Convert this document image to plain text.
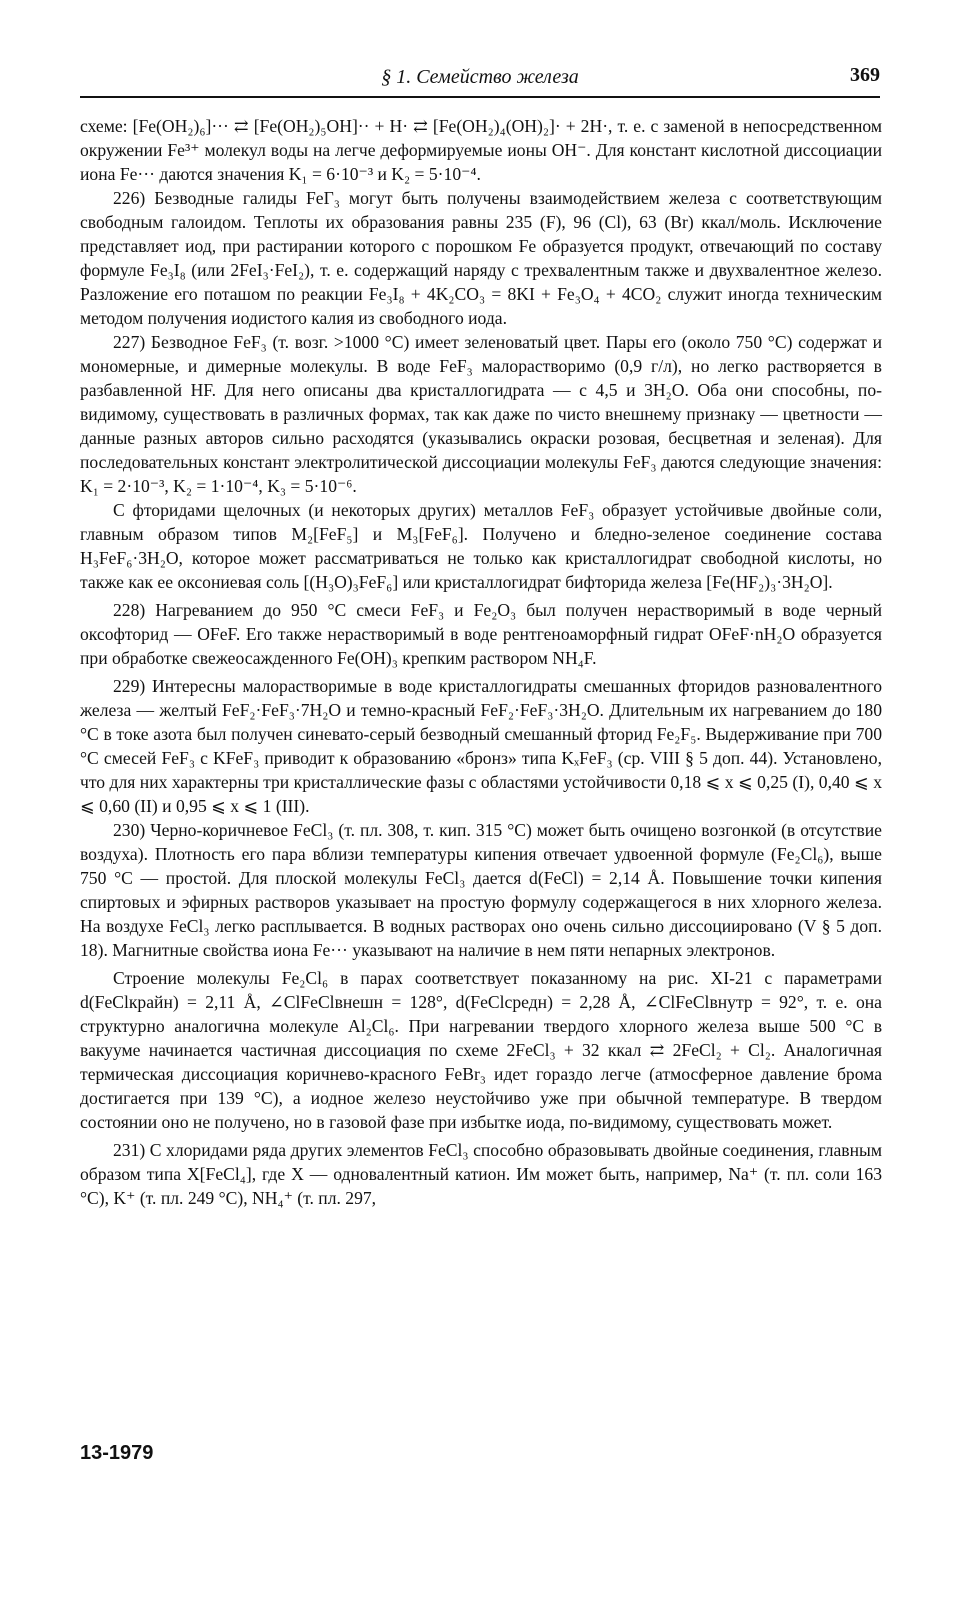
§ 1. Семейство железа	369

схеме: [Fe(OH₂)₆]··· ⇄ [Fe(OH₂)₅OH]·· + H· ⇄ [Fe(OH₂)₄(OH)₂]· + 2H·, т. е. с заменой в непосредственном окружении Fe³⁺ молекул воды на легче деформируемые ионы OH⁻. Для констант кислотной диссоциации иона Fe··· даются значения K₁ = 6·10⁻³ и K₂ = 5·10⁻⁴.

226) Безводные галиды FeГ₃ могут быть получены взаимодействием железа с соответствующим свободным галоидом. Теплоты их образования равны 235 (F), 96 (Cl), 63 (Br) ккал/моль. Исключение представляет иод, при растирании которого с порошком Fe образуется продукт, отвечающий по составу формуле Fe₃I₈ (или 2FeI₃·FeI₂), т. е. содержащий наряду с трехвалентным также и двухвалентное железо. Разложение его поташом по реакции Fe₃I₈ + 4K₂CO₃ = 8KI + Fe₃O₄ + 4CO₂ служит иногда техническим методом получения иодистого калия из свободного иода.

227) Безводное FeF₃ (т. возг. >1000 °C) имеет зеленоватый цвет. Пары его (около 750 °C) содержат и мономерные, и димерные молекулы. В воде FeF₃ малорастворимо (0,9 г/л), но легко растворяется в разбавленной HF. Для него описаны два кристаллогидрата — с 4,5 и 3H₂O. Оба они способны, по-видимому, существовать в различных формах, так как даже по чисто внешнему признаку — цветности — данные разных авторов сильно расходятся (указывались окраски розовая, бесцветная и зеленая). Для последовательных констант электролитической диссоциации молекулы FeF₃ даются следующие значения: K₁ = 2·10⁻³, K₂ = 1·10⁻⁴, K₃ = 5·10⁻⁶.

С фторидами щелочных (и некоторых других) металлов FeF₃ образует устойчивые двойные соли, главным образом типов M₂[FeF₅] и M₃[FeF₆]. Получено и бледно-зеленое соединение состава H₃FeF₆·3H₂O, которое может рассматриваться не только как кристаллогидрат свободной кислоты, но также как ее оксониевая соль [(H₃O)₃FeF₆] или кристаллогидрат бифторида железа [Fe(HF₂)₃·3H₂O].

228) Нагреванием до 950 °C смеси FeF₃ и Fe₂O₃ был получен нерастворимый в воде черный оксофторид — OFeF. Его также нерастворимый в воде рентгеноаморфный гидрат OFeF·nH₂O образуется при обработке свежеосажденного Fe(OH)₃ крепким раствором NH₄F.

229) Интересны малорастворимые в воде кристаллогидраты смешанных фторидов разновалентного железа — желтый FeF₂·FeF₃·7H₂O и темно-красный FeF₂·FeF₃·3H₂O. Длительным их нагреванием до 180 °C в токе азота был получен синевато-серый безводный смешанный фторид Fe₂F₅. Выдерживание при 700 °C смесей FeF₃ с KFeF₃ приводит к образованию «бронз» типа KₓFeF₃ (ср. VIII § 5 доп. 44). Установлено, что для них характерны три кристаллические фазы с областями устойчивости 0,18 ⩽ x ⩽ 0,25 (I), 0,40 ⩽ x ⩽ 0,60 (II) и 0,95 ⩽ x ⩽ 1 (III).

230) Черно-коричневое FeCl₃ (т. пл. 308, т. кип. 315 °C) может быть очищено возгонкой (в отсутствие воздуха). Плотность его пара вблизи температуры кипения отвечает удвоенной формуле (Fe₂Cl₆), выше 750 °C — простой. Для плоской молекулы FeCl₃ дается d(FeCl) = 2,14 Å. Повышение точки кипения спиртовых и эфирных растворов указывает на простую формулу содержащегося в них хлорного железа. На воздухе FeCl₃ легко расплывается. В водных растворах оно очень сильно диссоциировано (V § 5 доп. 18). Магнитные свойства иона Fe··· указывают на наличие в нем пяти непарных электронов.

Строение молекулы Fe₂Cl₆ в парах соответствует показанному на рис. XI-21 с параметрами d(FeClкрайн) = 2,11 Å, ∠ClFeClвнешн = 128°, d(FeClсредн) = 2,28 Å, ∠ClFeClвнутр = 92°, т. е. она структурно аналогична молекуле Al₂Cl₆. При нагревании твердого хлорного железа выше 500 °C в вакууме начинается частичная диссоциация по схеме 2FeCl₃ + 32 ккал ⇄ 2FeCl₂ + Cl₂. Аналогичная термическая диссоциация коричнево-красного FeBr₃ идет гораздо легче (атмосферное давление брома достигается при 139 °C), а иодное железо неустойчиво уже при обычной температуре. В твердом состоянии оно не получено, но в газовой фазе при избытке иода, по-видимому, существовать может.

231) С хлоридами ряда других элементов FeCl₃ способно образовывать двойные соединения, главным образом типа X[FeCl₄], где X — одновалентный катион. Им может быть, например, Na⁺ (т. пл. соли 163 °C), K⁺ (т. пл. 249 °C), NH₄⁺ (т. пл. 297,

13-1979
